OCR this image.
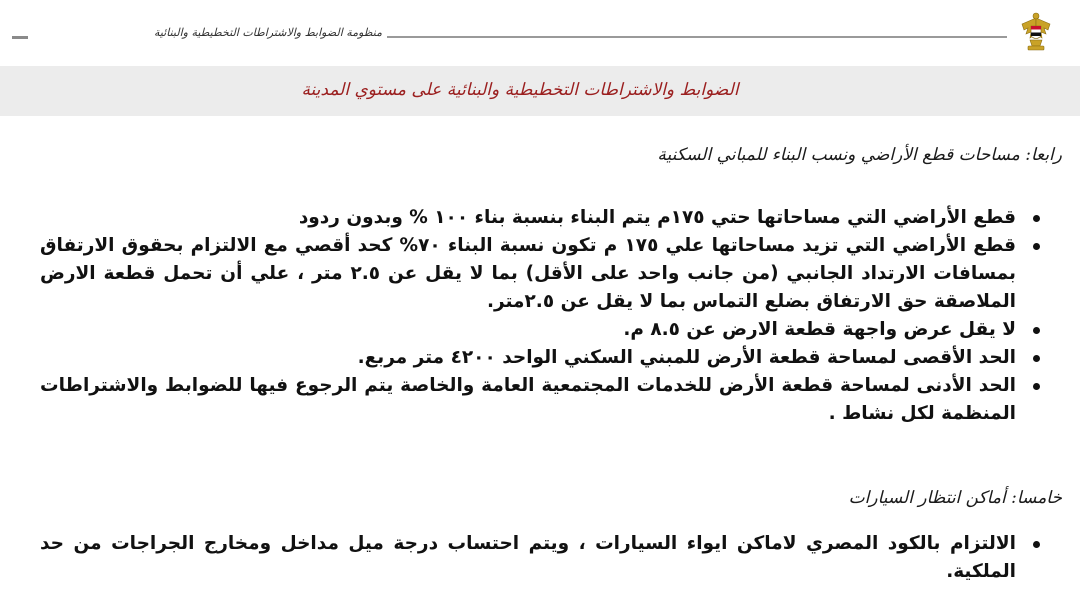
منظومة الضوابط والاشتراطات التخطيطية والبنائية
الضوابط والاشتراطات التخطيطية والبنائية على مستوي المدينة
رابعا: مساحات قطع الأراضي ونسب البناء للمباني السكنية
قطع الأراضي التي مساحاتها حتي ١٧٥م يتم البناء بنسبة بناء ١٠٠ % وبدون ردود
قطع الأراضي التي تزيد مساحاتها علي ١٧٥ م تكون نسبة البناء ٧٠% كحد أقصي مع الالتزام بحقوق الارتفاق بمسافات الارتداد الجانبي (من جانب واحد على الأقل) بما لا يقل عن ٢.٥ متر ، علي أن تحمل قطعة الارض الملاصقة حق الارتفاق بضلع التماس بما لا يقل عن ٢.٥متر.
لا يقل عرض واجهة قطعة الارض عن ٨.٥ م.
الحد الأقصى لمساحة قطعة الأرض للمبني السكني الواحد ٤٢٠٠ متر مربع.
الحد الأدنى لمساحة قطعة الأرض للخدمات المجتمعية العامة والخاصة يتم الرجوع فيها للضوابط والاشتراطات المنظمة لكل نشاط .
خامسا: أماكن انتظار السيارات
الالتزام بالكود المصري لاماكن ايواء السيارات ، ويتم احتساب درجة ميل مداخل ومخارج الجراجات من حد الملكية.
